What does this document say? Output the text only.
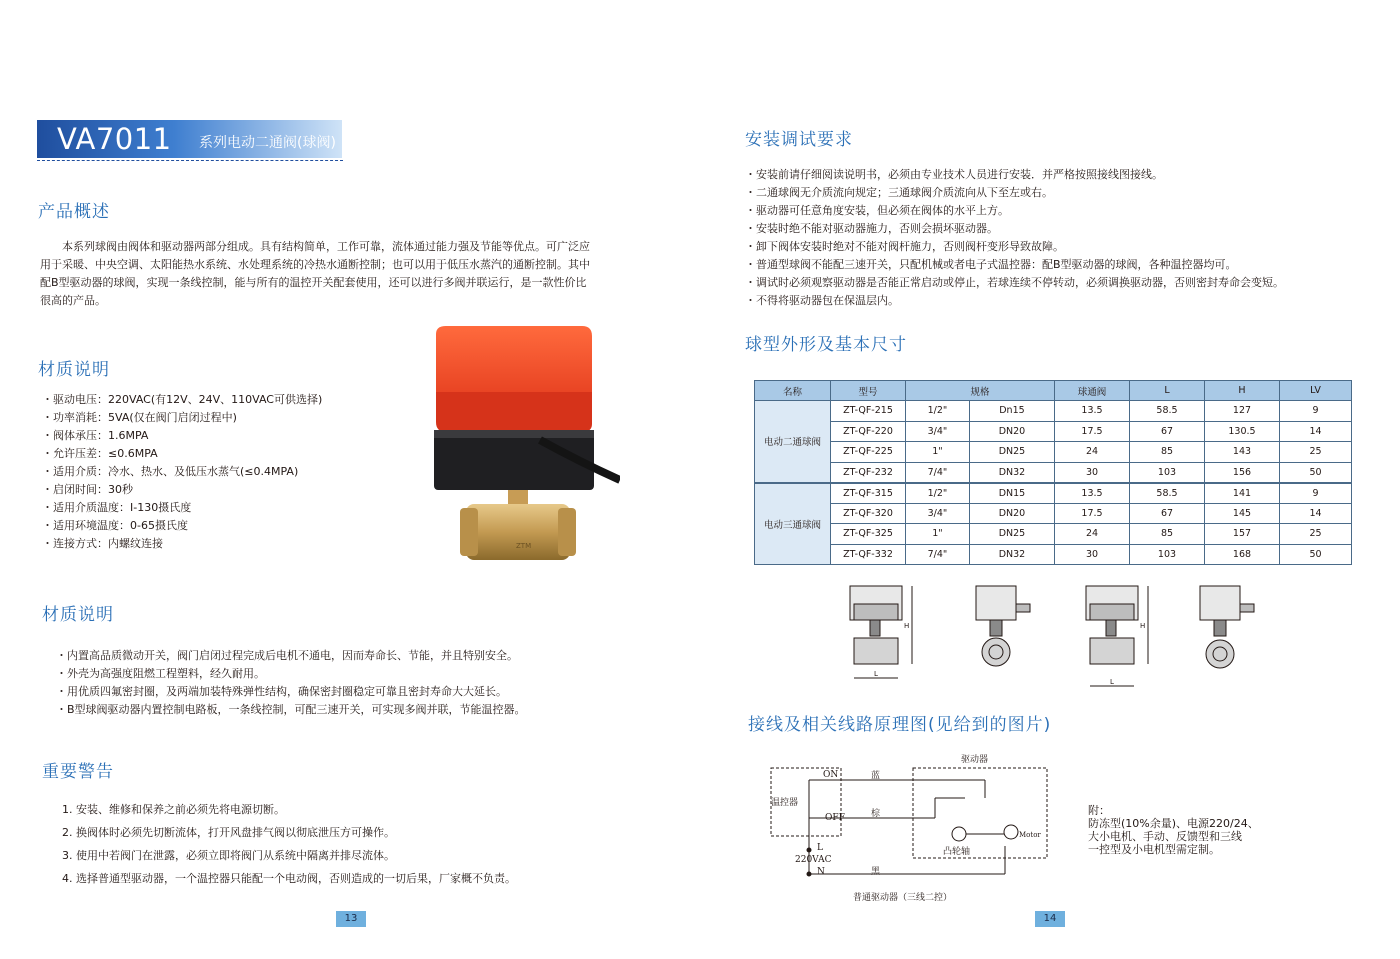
VA7011 系列电动二通阀(球阀)
产品概述
本系列球阀由阀体和驱动器两部分组成。具有结构简单，工作可靠，流体通过能力强及节能等优点。可广泛应
用于采暖、中央空调、太阳能热水系统、水处理系统的冷热水通断控制；也可以用于低压水蒸汽的通断控制。其中
配B型驱动器的球阀，实现一条线控制，能与所有的温控开关配套使用，还可以进行多阀并联运行，是一款性价比
很高的产品。
材质说明
・驱动电压：220VAC(有12V、24V、110VAC可供选择)
・功率消耗：5VA(仅在阀门启闭过程中)
・阀体承压：1.6MPA
・允许压差：≤0.6MPA
・适用介质：冷水、热水、及低压水蒸气(≤0.4MPA)
・启闭时间：30秒
・适用介质温度：I-130摄氏度
・适用环境温度：0-65摄氏度
・连接方式：内螺纹连接	ZTM
材质说明
・内置高品质微动开关，阀门启闭过程完成后电机不通电，因而寿命长、节能，并且特别安全。
・外壳为高强度阻燃工程塑料，经久耐用。
・用优质四氟密封圈，及两端加装特殊弹性结构，确保密封圈稳定可靠且密封寿命大大延长。
・B型球阀驱动器内置控制电路板，一条线控制，可配三速开关，可实现多阀并联，节能温控器。
重要警告
1. 安装、维修和保养之前必须先将电源切断。
2. 换阀体时必须先切断流体，打开风盘排气阀以彻底泄压方可操作。
3. 使用中若阀门在泄露，必须立即将阀门从系统中隔离并排尽流体。
4. 选择普通型驱动器，一个温控器只能配一个电动阀，否则造成的一切后果，厂家概不负责。
13
安装调试要求
・安装前请仔细阅读说明书，必须由专业技术人员进行安装．并严格按照接线图接线。
・二通球阀无介质流向规定；三通球阀介质流向从下至左或右。
・驱动器可任意角度安装，但必须在阀体的水平上方。
・安装时绝不能对驱动器施力，否则会损坏驱动器。
・卸下阀体安装时绝对不能对阀杆施力，否则阀杆变形导致故障。
・普通型球阀不能配三速开关，只配机械或者电子式温控器：配B型驱动器的球阀，各种温控器均可。
・调试时必须观察驱动器是否能正常启动或停止，若球连续不停转动，必须调换驱动器，否则密封寿命会变短。
・不得将驱动器包在保温层内。
球型外形及基本尺寸
名称	型号	规格		球通阀	L	H	LV
电动二通球阀	ZT-QF-215	1/2"	Dn15	13.5	58.5	127	9
	ZT-QF-220	3/4"	DN20	17.5	67	130.5	14
	ZT-QF-225	1"	DN25	24	85	143	25
	ZT-QF-232	7/4"	DN32	30	103	156	50
电动三通球阀	ZT-QF-315	1/2"	DN15	13.5	58.5	141	9
	ZT-QF-320	3/4"	DN20	17.5	67	145	14
	ZT-QF-325	1"	DN25	24	85	157	25
	ZT-QF-332	7/4"	DN32	30	103	168	50
H
L
H
L
接线及相关线路原理图(见给到的图片)
驱动器
温控器
ON
OFF
蓝
棕
黑
Motor
凸轮轴
L
220VAC
N
普通驱动器（三线二控）
附：
防冻型(10%余量)、电源220/24、
大小电机、手动、反馈型和三线
一控型及小电机型需定制。
14
